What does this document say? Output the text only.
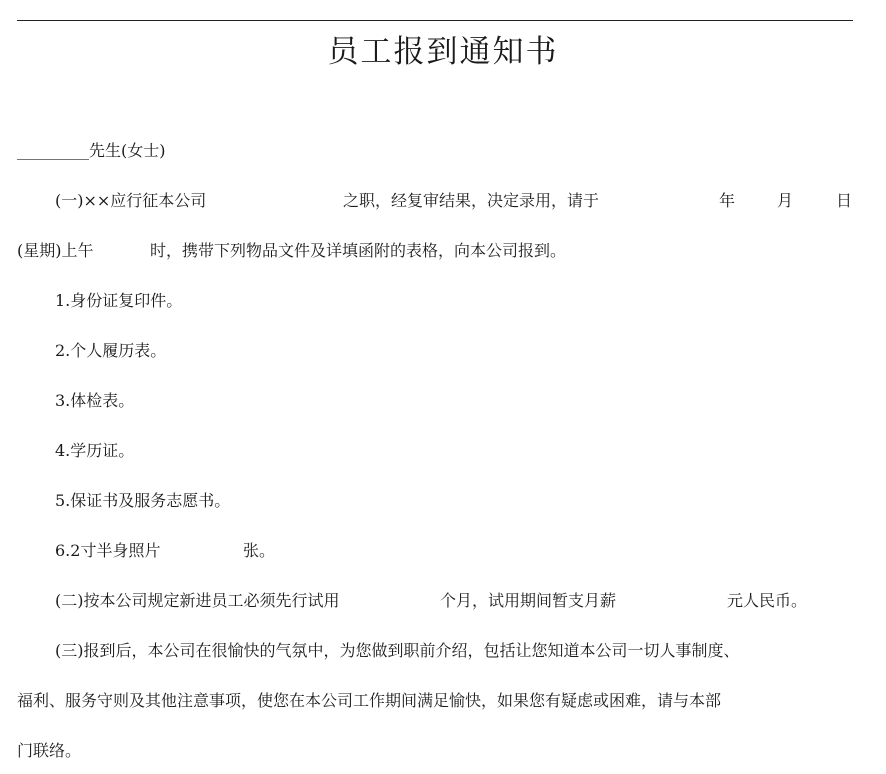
员工报到通知书
_________先生(女士)
(一)××应行征本公司	之职，经复审结果，决定录用，请于	年	月	日
(星期)上午	时，携带下列物品文件及详填函附的表格，向本公司报到。
1.身份证复印件。
2.个人履历表。
3.体检表。
4.学历证。
5.保证书及服务志愿书。
6.2寸半身照片	张。
(二)按本公司规定新进员工必须先行试用	个月，试用期间暂支月薪	元人民币。
(三)报到后，本公司在很愉快的气氛中，为您做到职前介绍，包括让您知道本公司一切人事制度、
福利、服务守则及其他注意事项，使您在本公司工作期间满足愉快，如果您有疑虑或困难，请与本部
门联络。
